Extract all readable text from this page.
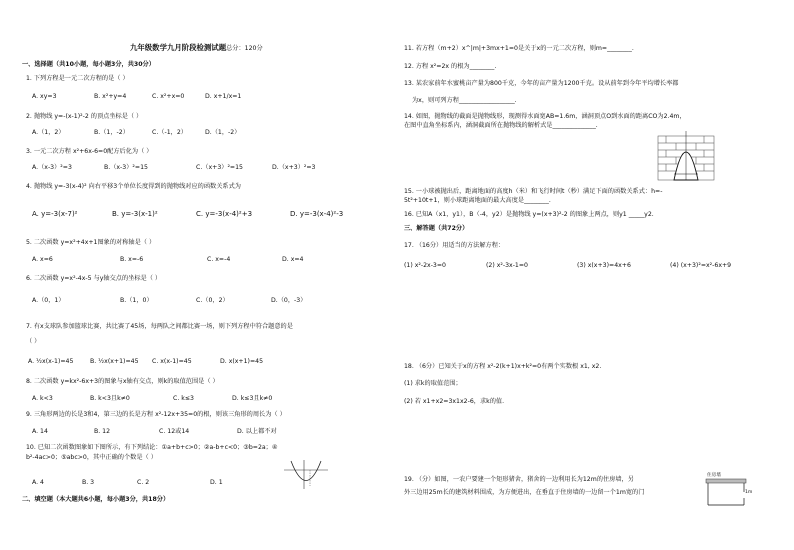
九年级数学九月阶段检测试题总分：120分
一、选择题（共10小题，每小题3分，共30分）
1. 下列方程是一元二次方程的是（ ）
A. xy=3	B. x²+y=4	C. x²+x=0	D. x+1/x=1
2. 抛物线 y=-(x-1)²-2 的顶点坐标是（ ）
A.（1，2）	B.（1，-2）	C.（-1，2）	D.（1，-2）
3. 一元二次方程 x²+6x-6=0配方后化为（ ）
A.（x-3）²=3	B.（x-3）²=15	C.（x+3）²=15	D.（x+3）²=3
4. 抛物线 y=-3(x-4)² 向右平移3个单位长度得到的抛物线对应的函数关系式为
A. y=-3(x-7)²	B. y=-3(x-1)²	C. y=-3(x-4)²+3	D. y=-3(x-4)²-3
5. 二次函数 y=x²+4x+1图象的对称轴是（ ）
A. x=6	B. x=-6	C. x=-4	D. x=4
6. 二次函数 y=x²-4x-5 与y轴交点的坐标是（ ）
A.（0，1）	B.（1，0）	C.（0，2）	D.（0，-3）
7. 有x支球队参加篮球比赛，共比赛了45场，每两队之间都比赛一场，则下列方程中符合题意的是
（ ）
A. ½x(x-1)=45	B. ½x(x+1)=45 C. x(x-1)=45	D. x(x+1)=45
8. 二次函数 y=kx²-6x+3的图象与x轴有交点，则k的取值范围是（ ）
A. k<3	B. k<3且k≠0	C. k≤3	D. k≤3且k≠0
9. 三角形两边的长是3和4，第三边的长是方程 x²-12x+35=0的根，则该三角形的周长为（ ）
A. 14	B. 12	C. 12或14	D. 以上都不对
10. 已知二次函数图象如下图所示，有下列结论：①a+b+c>0；②a-b+c<0；③b=2a；④
b²-4ac>0；⑤abc>0，其中正确的个数是（ ）
A. 4	B. 3	C. 2	D. 1
二、填空题（本大题共6小题，每小题3分，共18分）
11. 若方程（m+2）x^|m|+3mx+1=0是关于x的一元二次方程，则m=________.
12. 方程 x²=2x 的根为________.
13. 某农家前年水蜜桃亩产量为800千克，今年的亩产量为1200千克。设从前年到今年平均增长率都
为x，则可列方程__________________.
14. 如图，抛物线的截面是抛物线形，现测得水面宽AB=1.6m，涵洞顶点O到水面的距离CO为2.4m，
在图中直角坐标系内，涵洞截面所在抛物线的解析式是______________.
15. 一小球被抛出后，距离地面的高度h（米）和飞行时间t（秒）满足下面的函数关系式：h=-
5t²+10t+1，则小球距离地面的最大高度是________.
16. 已知A（x1，y1），B（-4，y2）是抛物线 y=(x+3)²-2 的图象上两点，则y1 _____y2.
三、解答题（共72分）
17. （16分）用适当的方法解方程：
(1) x²-2x-3=0	(2) x²-3x-1=0	(3) x(x+3)=4x+6	(4) (x+3)²=x²-6x+9
18. （6分）已知关于x的方程 x²-2(k+1)x+k²=0有两个实数根 x1, x2.
(1) 求k的取值范围；
(2) 若 x1+x2=3x1x2-6，求k的值.
19. （分）如图，一农户要建一个矩形猪舍，猪舍的一边利用长为12m的住房墙，另
外三边用25m长的建筑材料围成，为方便进出，在垂直于住房墙的一边留一个1m宽的门
住房墙
1m
